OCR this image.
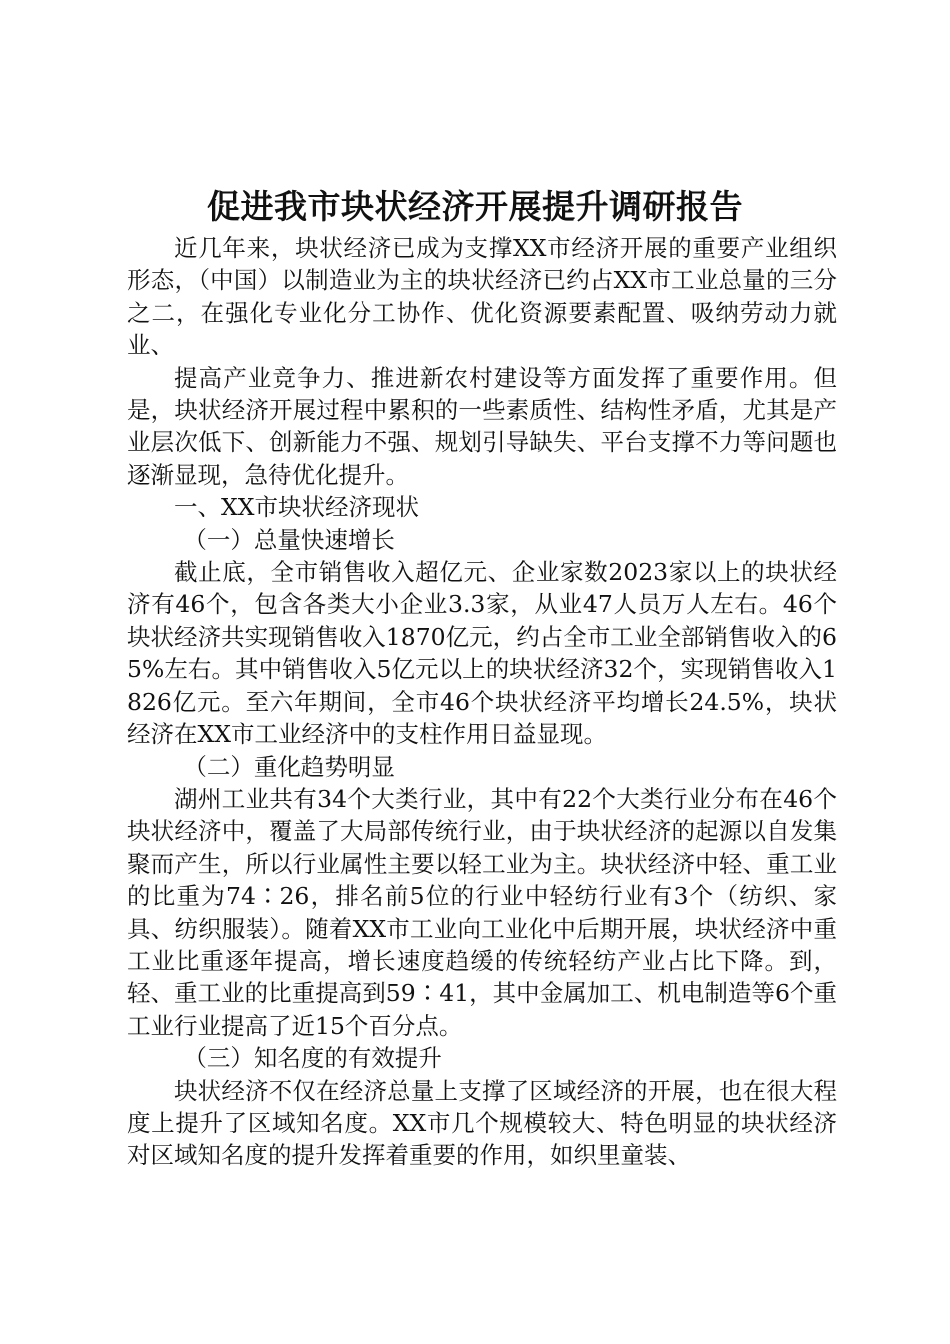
促进我市块状经济开展提升调研报告

近几年来，块状经济已成为支撑XX市经济开展的重要产业组织形态，（中国）以制造业为主的块状经济已约占XX市工业总量的三分之二，在强化专业化分工协作、优化资源要素配置、吸纳劳动力就业、

提高产业竞争力、推进新农村建设等方面发挥了重要作用。但是，块状经济开展过程中累积的一些素质性、结构性矛盾，尤其是产业层次低下、创新能力不强、规划引导缺失、平台支撑不力等问题也逐渐显现，急待优化提升。

一、XX市块状经济现状

（一）总量快速增长

截止底，全市销售收入超亿元、企业家数2023家以上的块状经济有46个，包含各类大小企业3.3家，从业47人员万人左右。46个块状经济共实现销售收入1870亿元，约占全市工业全部销售收入的65%左右。其中销售收入5亿元以上的块状经济32个，实现销售收入1826亿元。至六年期间，全市46个块状经济平均增长24.5%，块状经济在XX市工业经济中的支柱作用日益显现。

（二）重化趋势明显

湖州工业共有34个大类行业，其中有22个大类行业分布在46个块状经济中，覆盖了大局部传统行业，由于块状经济的起源以自发集聚而产生，所以行业属性主要以轻工业为主。块状经济中轻、重工业的比重为74∶26，排名前5位的行业中轻纺行业有3个（纺织、家具、纺织服装）。随着XX市工业向工业化中后期开展，块状经济中重工业比重逐年提高，增长速度趋缓的传统轻纺产业占比下降。到，轻、重工业的比重提高到59∶41，其中金属加工、机电制造等6个重工业行业提高了近15个百分点。

（三）知名度的有效提升

块状经济不仅在经济总量上支撑了区域经济的开展，也在很大程度上提升了区域知名度。XX市几个规模较大、特色明显的块状经济对区域知名度的提升发挥着重要的作用，如织里童装、
